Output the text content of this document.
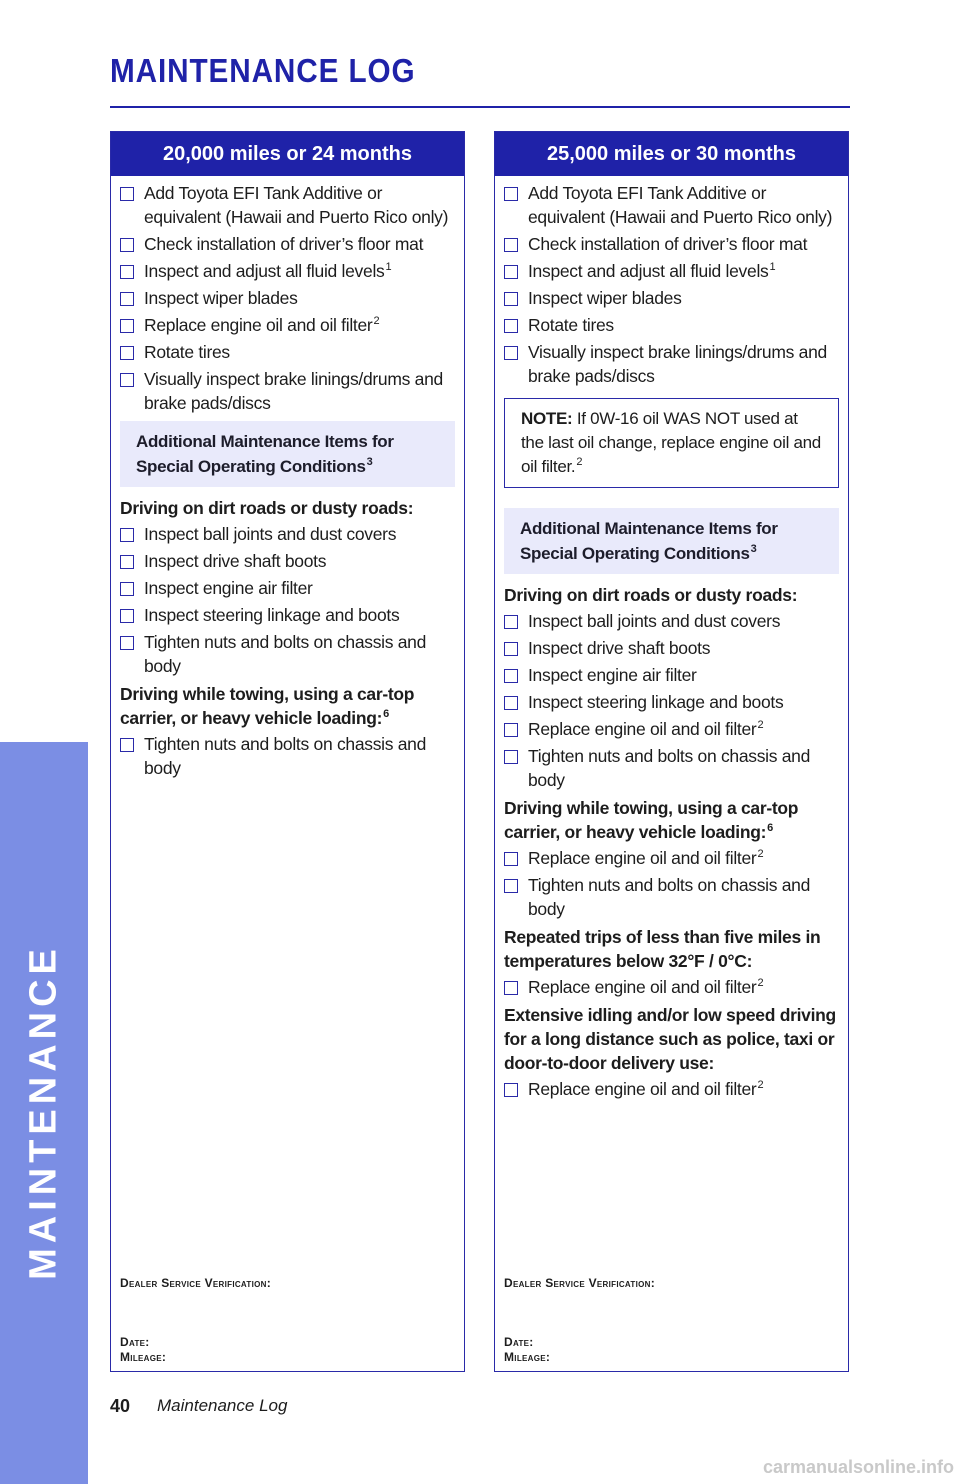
MAINTENANCE
MAINTENANCE LOG
20,000 miles or 24 months
Add Toyota EFI Tank Additive or equivalent (Hawaii and Puerto Rico only)
Check installation of driver’s floor mat
Inspect and adjust all fluid levels$^1$
Inspect wiper blades
Replace engine oil and oil filter$^2$
Rotate tires
Visually inspect brake linings/drums and brake pads/discs
Additional Maintenance Items for Special Operating Conditions$^3$
Driving on dirt roads or dusty roads:
Inspect ball joints and dust covers
Inspect drive shaft boots
Inspect engine air filter
Inspect steering linkage and boots
Tighten nuts and bolts on chassis and body
Driving while towing, using a car-top carrier, or heavy vehicle loading:$^6$
Tighten nuts and bolts on chassis and body
Dealer Service Verification:
Date:
Mileage:
25,000 miles or 30 months
Add Toyota EFI Tank Additive or equivalent (Hawaii and Puerto Rico only)
Check installation of driver’s floor mat
Inspect and adjust all fluid levels$^1$
Inspect wiper blades
Rotate tires
Visually inspect brake linings/drums and brake pads/discs
NOTE: If 0W-16 oil WAS NOT used at the last oil change, replace engine oil and oil filter.$^2$
Additional Maintenance Items for Special Operating Conditions$^3$
Driving on dirt roads or dusty roads:
Inspect ball joints and dust covers
Inspect drive shaft boots
Inspect engine air filter
Inspect steering linkage and boots
Replace engine oil and oil filter$^2$
Tighten nuts and bolts on chassis and body
Driving while towing, using a car-top carrier, or heavy vehicle loading:$^6$
Replace engine oil and oil filter$^2$
Tighten nuts and bolts on chassis and body
Repeated trips of less than five miles in temperatures below 32°F / 0°C:
Replace engine oil and oil filter$^2$
Extensive idling and/or low speed driving for a long distance such as police, taxi or door-to-door delivery use:
Replace engine oil and oil filter$^2$
Dealer Service Verification:
Date:
Mileage:
40 Maintenance Log
carmanualsonline.info
